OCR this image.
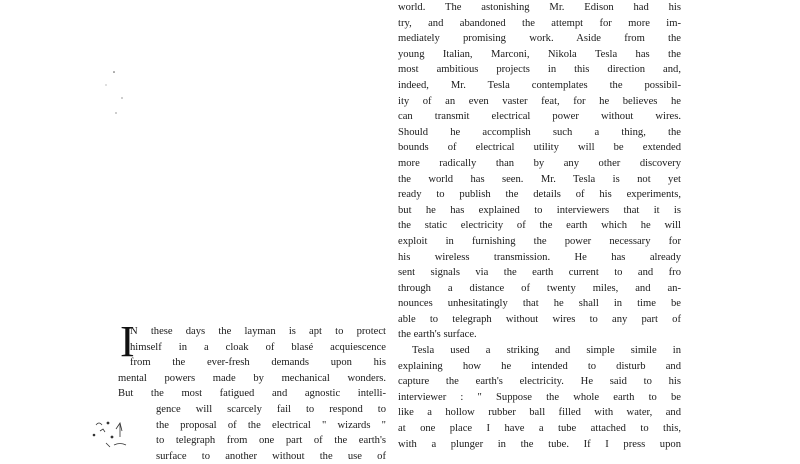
world. The astonishing Mr. Edison had his
try, and abandoned the attempt for more im-
mediately promising work. Aside from the
young Italian, Marconi, Nikola Tesla has the
most ambitious projects in this direction and,
indeed, Mr. Tesla contemplates the possibil-
ity of an even vaster feat, for he believes he
can transmit electrical power without wires.
Should he accomplish such a thing, the
bounds of electrical utility will be extended
more radically than by any other discovery
the world has seen. Mr. Tesla is not yet
ready to publish the details of his experiments,
but he has explained to interviewers that it is
the static electricity of the earth which he will
exploit in furnishing the power necessary for
his wireless transmission. He has already
sent signals via the earth current to and fro
through a distance of twenty miles, and an-
nounces unhesitatingly that he shall in time be
able to telegraph without wires to any part of
the earth's surface.
Tesla used a striking and simple simile in
explaining how he intended to disturb and
capture the earth's electricity. He said to his
interviewer : " Suppose the whole earth to be
like a hollow rubber ball filled with water, and
at one place I have a tube attached to this,
with a plunger in the tube. If I press upon
I
N these days the layman is apt to protect
himself in a cloak of blasé acquiescence
from the ever-fresh demands upon his
mental powers made by mechanical wonders.
But the most fatigued and agnostic intelli-
gence will scarcely fail to respond to
the proposal of the electrical " wizards "
to telegraph from one part of the earth's
surface to another without the use of
